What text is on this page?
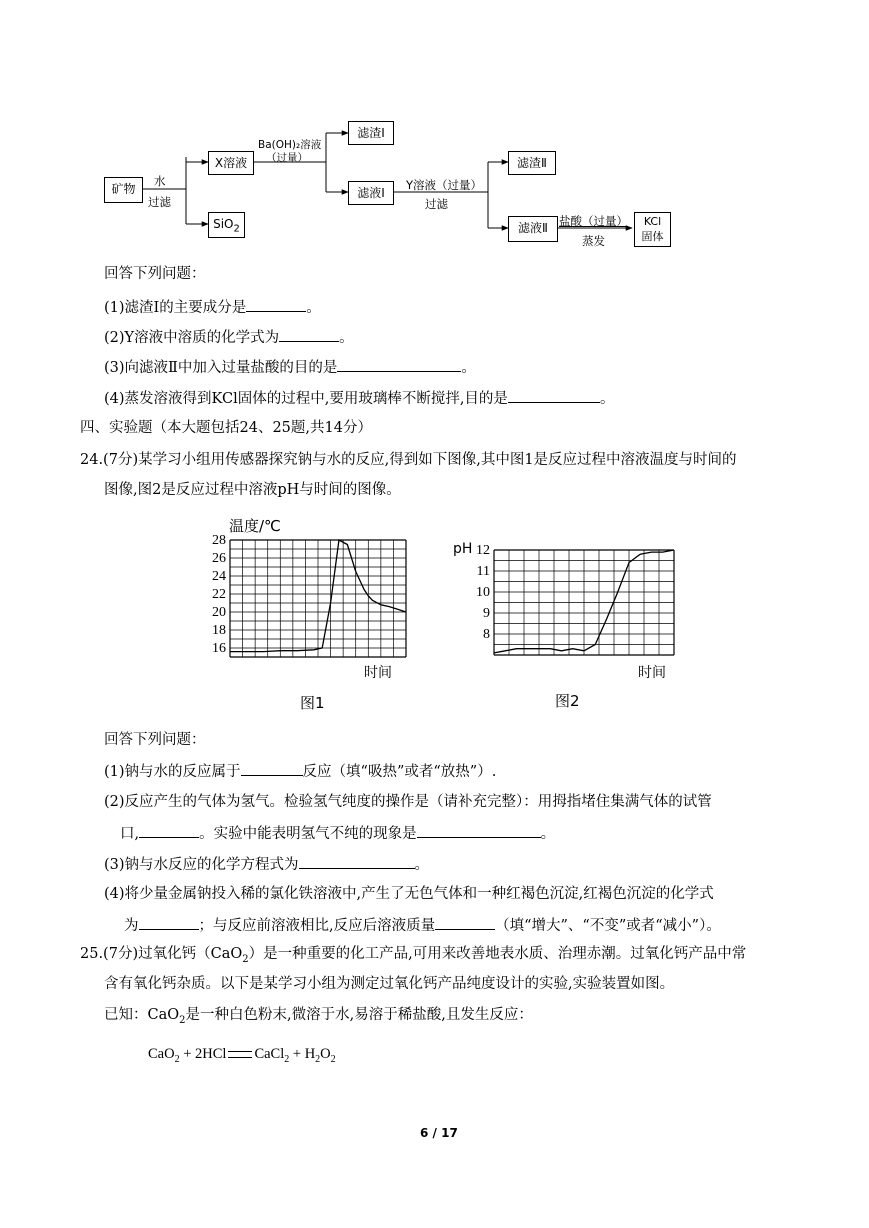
矿物
水
过滤
X溶液
SiO$_2$
Ba(OH)₂溶液
（过量）
滤渣Ⅰ
滤液Ⅰ
Y溶液（过量）
过滤
滤渣Ⅱ
滤液Ⅱ 盐酸（过量）
蒸发
KCl
固体
回答下列问题：
(1)滤渣Ⅰ的主要成分是	。
(2)Y溶液中溶质的化学式为	。
(3)向滤液Ⅱ中加入过量盐酸的目的是	。
(4)蒸发溶液得到KCl固体的过程中,要用玻璃棒不断搅拌,目的是	。
四、实验题（本大题包括24、25题,共14分）
24.(7分)某学习小组用传感器探究钠与水的反应,得到如下图像,其中图1是反应过程中溶液温度与时间的
图像,图2是反应过程中溶液pH与时间的图像。
16
18
20
22
24
26
28
8
9
10
11
12
温度/℃
pH
时间	时间
图1	图2
回答下列问题：
(1)钠与水的反应属于	反应（填“吸热”或者“放热”）.
(2)反应产生的气体为氢气。检验氢气纯度的操作是（请补充完整）：用拇指堵住集满气体的试管
口,	。实验中能表明氢气不纯的现象是	。
(3)钠与水反应的化学方程式为	。
(4)将少量金属钠投入稀的氯化铁溶液中,产生了无色气体和一种红褐色沉淀,红褐色沉淀的化学式
为	；与反应前溶液相比,反应后溶液质量	（填“增大”、“不变”或者“减小”）。
25.(7分)过氧化钙（CaO$_2$）是一种重要的化工产品,可用来改善地表水质、治理赤潮。过氧化钙产品中常
含有氧化钙杂质。以下是某学习小组为测定过氧化钙产品纯度设计的实验,实验装置如图。
已知：CaO$_2$是一种白色粉末,微溶于水,易溶于稀盐酸,且发生反应：
CaO$_2$ + 2HCl CaCl$_2$ + $H_2O_2$
6 / 17
